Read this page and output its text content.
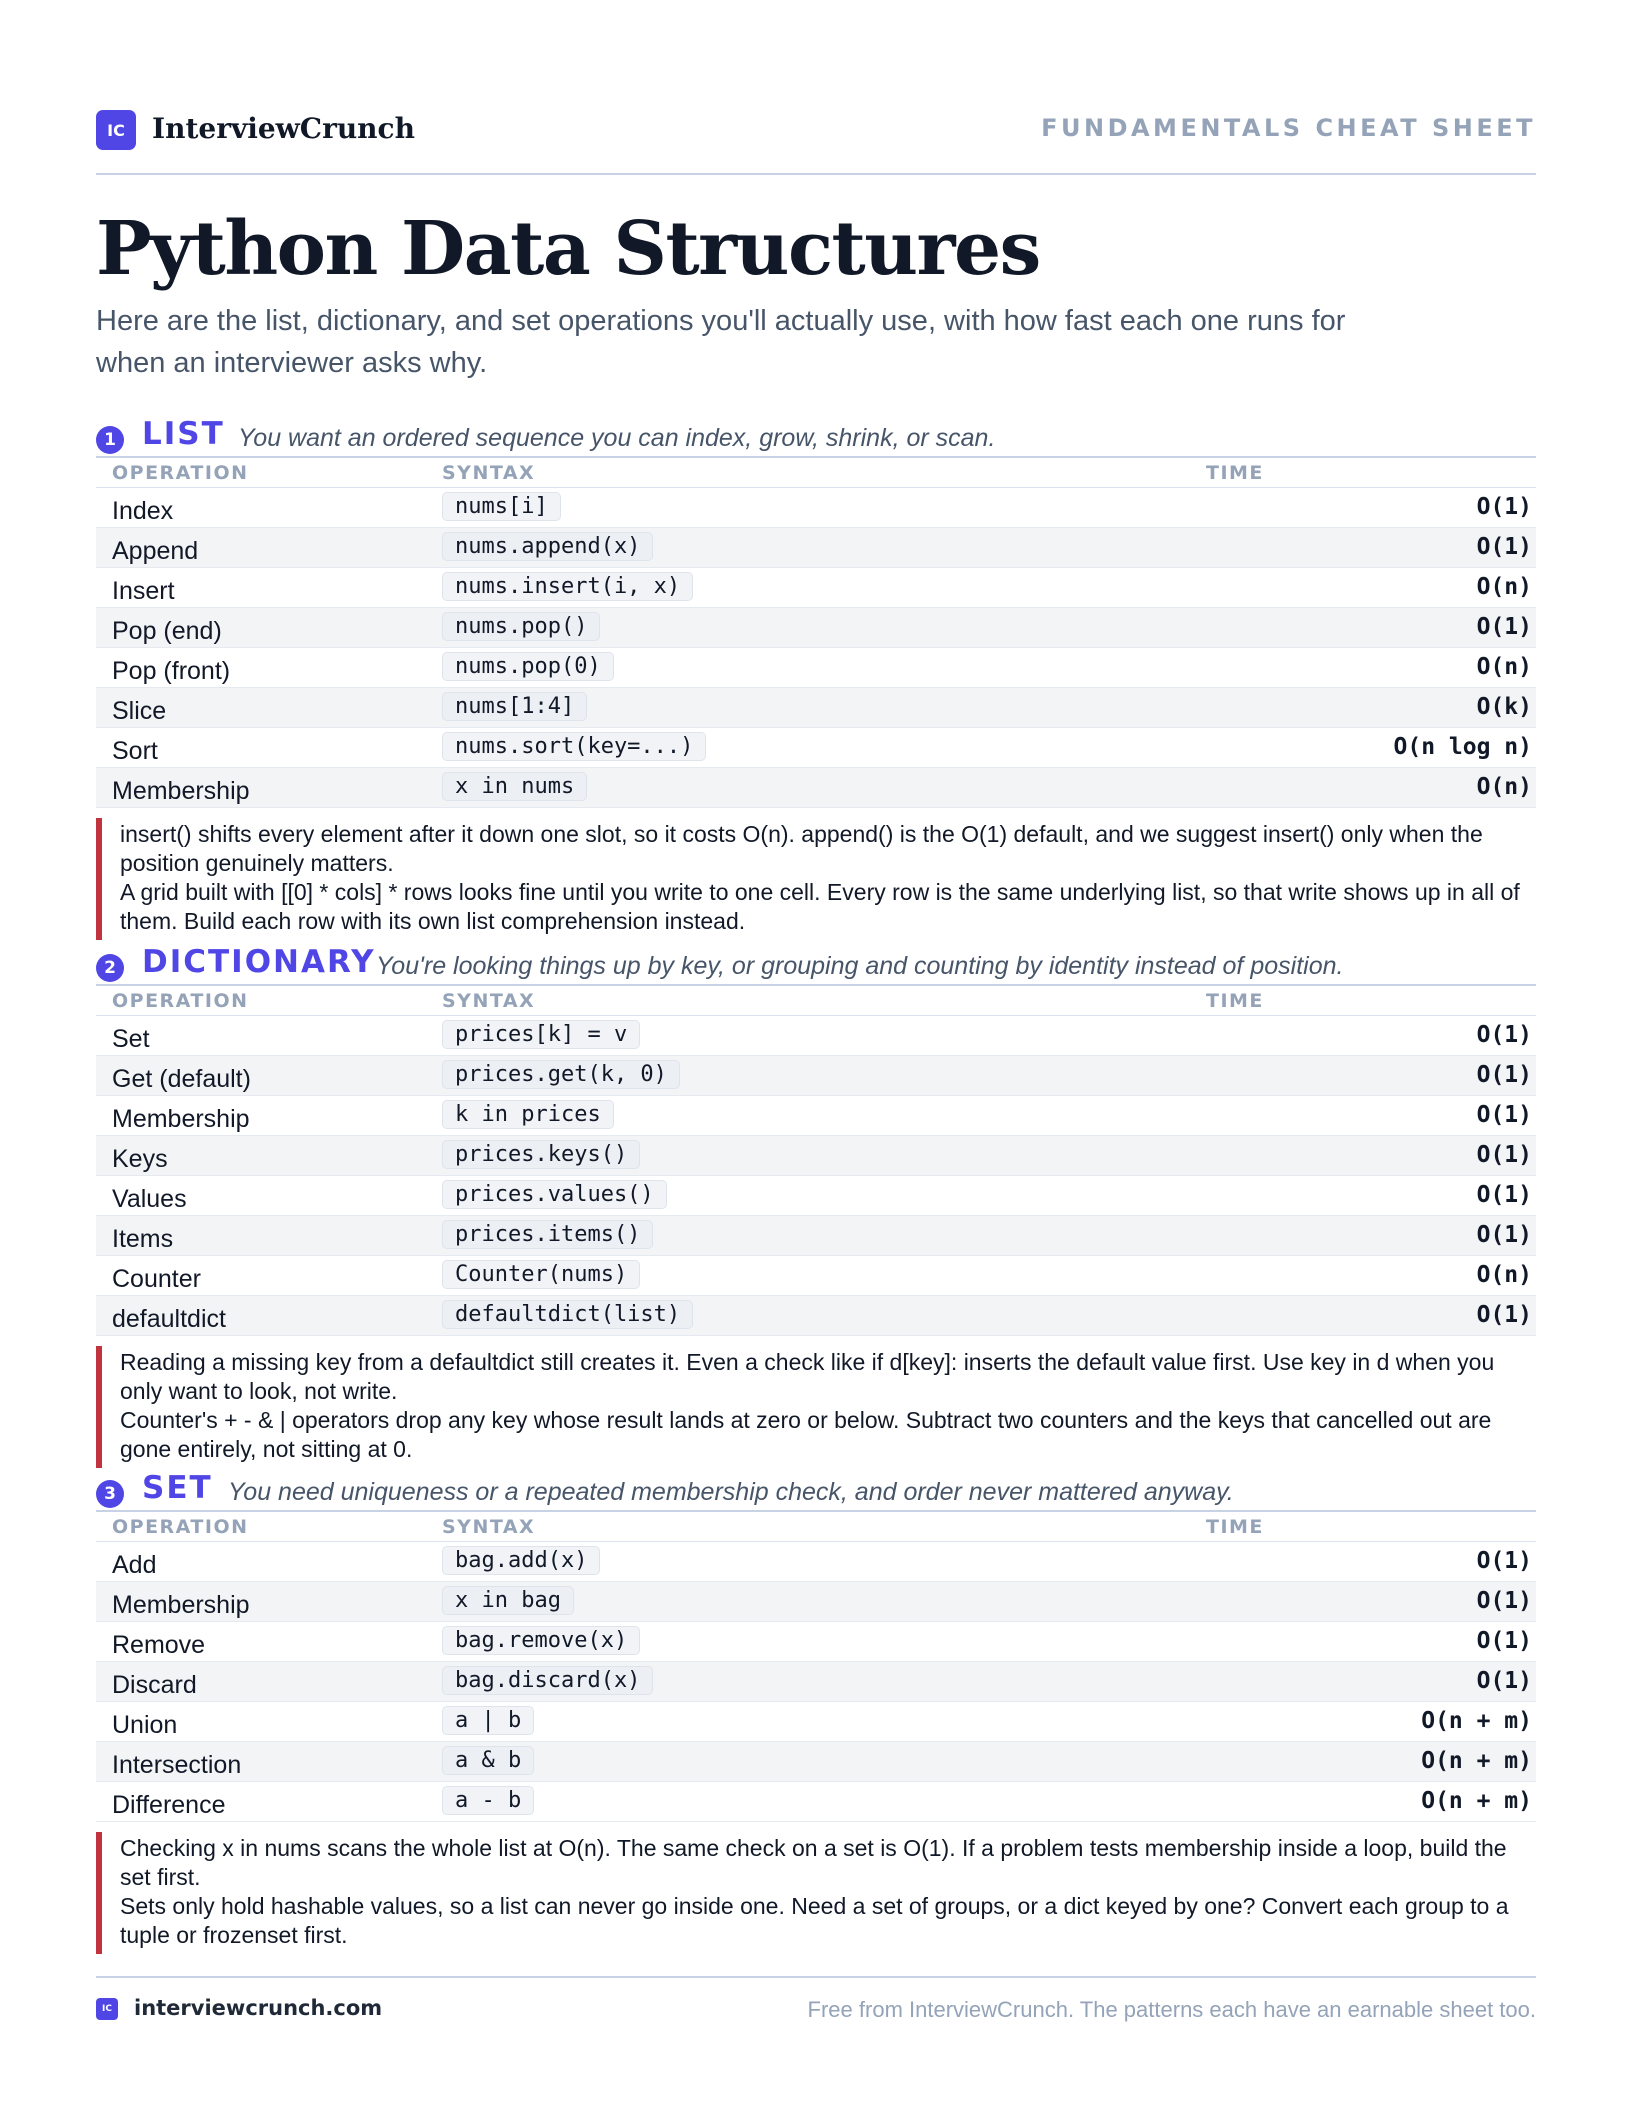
IC InterviewCrunch	FUNDAMENTALS CHEAT SHEET
Python Data Structures

Here are the list, dictionary, and set operations you'll actually use, with how fast each one runs for when an interviewer asks why.

1 LIST You want an ordered sequence you can index, grow, shrink, or scan.
OPERATION	SYNTAX	TIME
Index	nums[i]	O(1)
Append	nums.append(x)	O(1)
Insert	nums.insert(i, x)	O(n)
Pop (end)	nums.pop()	O(1)
Pop (front)	nums.pop(0)	O(n)
Slice	nums[1:4]	O(k)
Sort	nums.sort(key=...)	O(n log n)
Membership	x in nums	O(n)

insert() shifts every element after it down one slot, so it costs O(n). append() is the O(1) default, and we suggest insert() only when the position genuinely matters.

A grid built with [[0] * cols] * rows looks fine until you write to one cell. Every row is the same underlying list, so that write shows up in all of them. Build each row with its own list comprehension instead.

2 DICTIONARY You're looking things up by key, or grouping and counting by identity instead of position.
OPERATION	SYNTAX	TIME
Set	prices[k] = v	O(1)
Get (default)	prices.get(k, 0)	O(1)
Membership	k in prices	O(1)
Keys	prices.keys()	O(1)
Values	prices.values()	O(1)
Items	prices.items()	O(1)
Counter	Counter(nums)	O(n)
defaultdict	defaultdict(list)	O(1)

Reading a missing key from a defaultdict still creates it. Even a check like if d[key]: inserts the default value first. Use key in d when you only want to look, not write.

Counter's + - & | operators drop any key whose result lands at zero or below. Subtract two counters and the keys that cancelled out are gone entirely, not sitting at 0.

3 SET You need uniqueness or a repeated membership check, and order never mattered anyway.
OPERATION	SYNTAX	TIME
Add	bag.add(x)	O(1)
Membership	x in bag	O(1)
Remove	bag.remove(x)	O(1)
Discard	bag.discard(x)	O(1)
Union	a | b	O(n + m)
Intersection	a & b	O(n + m)
Difference	a - b	O(n + m)

Checking x in nums scans the whole list at O(n). The same check on a set is O(1). If a problem tests membership inside a loop, build the set first.

Sets only hold hashable values, so a list can never go inside one. Need a set of groups, or a dict keyed by one? Convert each group to a tuple or frozenset first.

IC interviewcrunch.com	Free from InterviewCrunch. The patterns each have an earnable sheet too.
